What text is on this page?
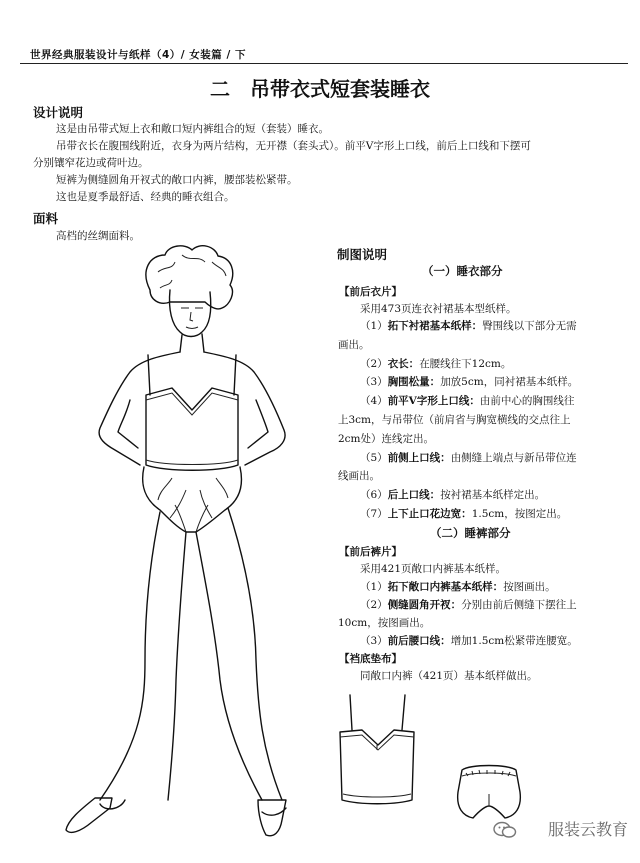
世界经典服装设计与纸样（4）/ 女装篇 / 下
二　吊带衣式短套装睡衣
设计说明
这是由吊带式短上衣和敞口短内裤组合的短（套装）睡衣。
吊带衣长在腹围线附近，衣身为两片结构，无开襟（套头式）。前平V字形上口线，前后上口线和下摆可
分别镶窄花边或荷叶边。
短裤为侧缝圆角开衩式的敞口内裤，腰部装松紧带。
这也是夏季最舒适、经典的睡衣组合。
面料
高档的丝绸面料。
制图说明
（一）睡衣部分
【前后衣片】
采用473页连衣衬裙基本型纸样。
（1）拓下衬裙基本纸样：臀围线以下部分无需
画出。
（2）衣长：在腰线往下12cm。
（3）胸围松量：加放5cm，同衬裙基本纸样。
（4）前平V字形上口线：由前中心的胸围线往
上3cm，与吊带位（前肩省与胸宽横线的交点往上
2cm处）连线定出。
（5）前侧上口线：由侧缝上端点与新吊带位连
线画出。
（6）后上口线：按衬裙基本纸样定出。
（7）上下止口花边宽：1.5cm，按图定出。
（二）睡裤部分
【前后裤片】
采用421页敞口内裤基本纸样。
（1）拓下敞口内裤基本纸样：按图画出。
（2）侧缝圆角开衩：分别由前后侧缝下摆往上
10cm，按图画出。
（3）前后腰口线：增加1.5cm松紧带连腰宽。
【裆底垫布】
同敞口内裤（421页）基本纸样做出。
服装云教育
